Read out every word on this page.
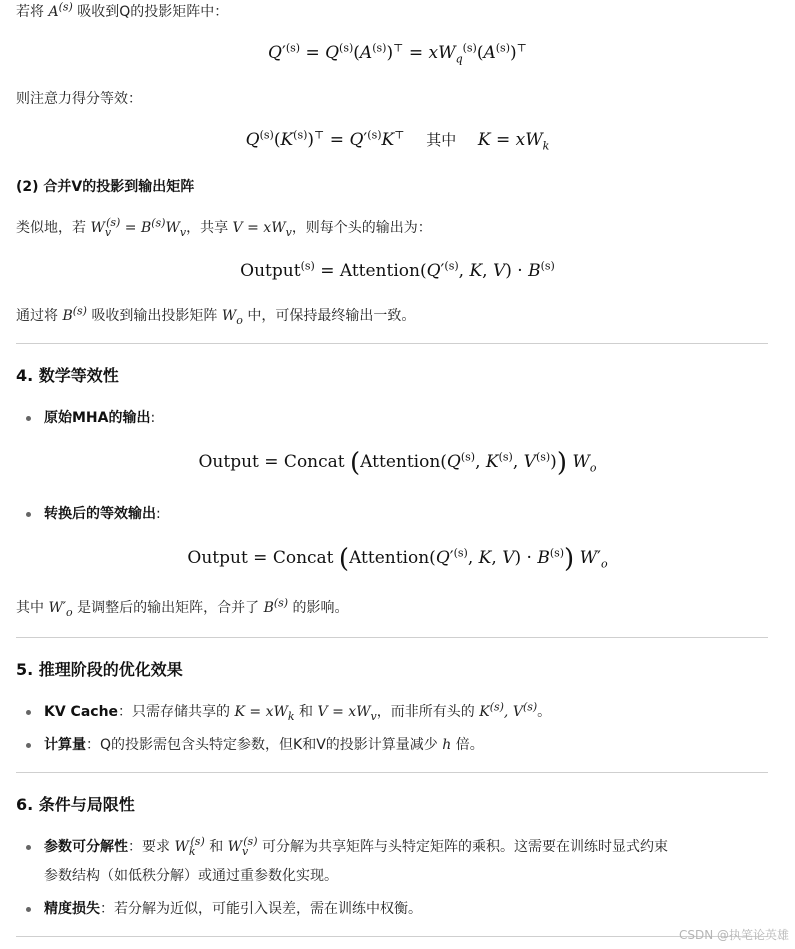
若将 $A^{(s)}$ 吸收到Q的投影矩阵中：
$Q'^{(s)} = Q^{(s)}(A^{(s)})^⊤ = xW_q^{(s)}(A^{(s)})^⊤$
则注意力得分等效：
$Q^{(s)}(K^{(s)})^⊤ = Q'^{(s)}K^⊤$ 其中 $K = xW_k$
(2) 合并V的投影到输出矩阵
类似地，若 $W_v^{(s)} = B^{(s)}W_v$，共享 $V = xW_v$，则每个头的输出为：
Output$^{(s)}$ = $Attention(Q'^{(s)}$, K, $V) \cdot B^{(s)}$
通过将 $B^{(s)}$ 吸收到输出投影矩阵 $W_o$ 中，可保持最终输出一致。
4. 数学等效性
原始MHA的输出:
Output = Concat ($Attention(Q^{(s)}$, $K^{(s)}$, $V^{(s)}$)) $W_o$
转换后的等效输出:
Output = Concat ($Attention(Q'^{(s)}$, K, $V) \cdot B^{(s)}$) $W'_o$
其中 $W'_o$ 是调整后的输出矩阵，合并了 $B^{(s)}$ 的影响。
5. 推理阶段的优化效果
KV Cache：只需存储共享的 $K = xW_k$ 和 $V = xW_v$，而非所有头的 $K^{(s)}$, $V^{(s)}$。
计算量：Q的投影需包含头特定参数，但K和V的投影计算量减少 h 倍。
6. 条件与局限性
参数可分解性：要求 $W_k^{(s)}$ 和 $W_v^{(s)}$ 可分解为共享矩阵与头特定矩阵的乘积。这需要在训练时显式约束
参数结构（如低秩分解）或通过重参数化实现。
精度损失：若分解为近似，可能引入误差，需在训练中权衡。
CSDN @执笔论英雄
